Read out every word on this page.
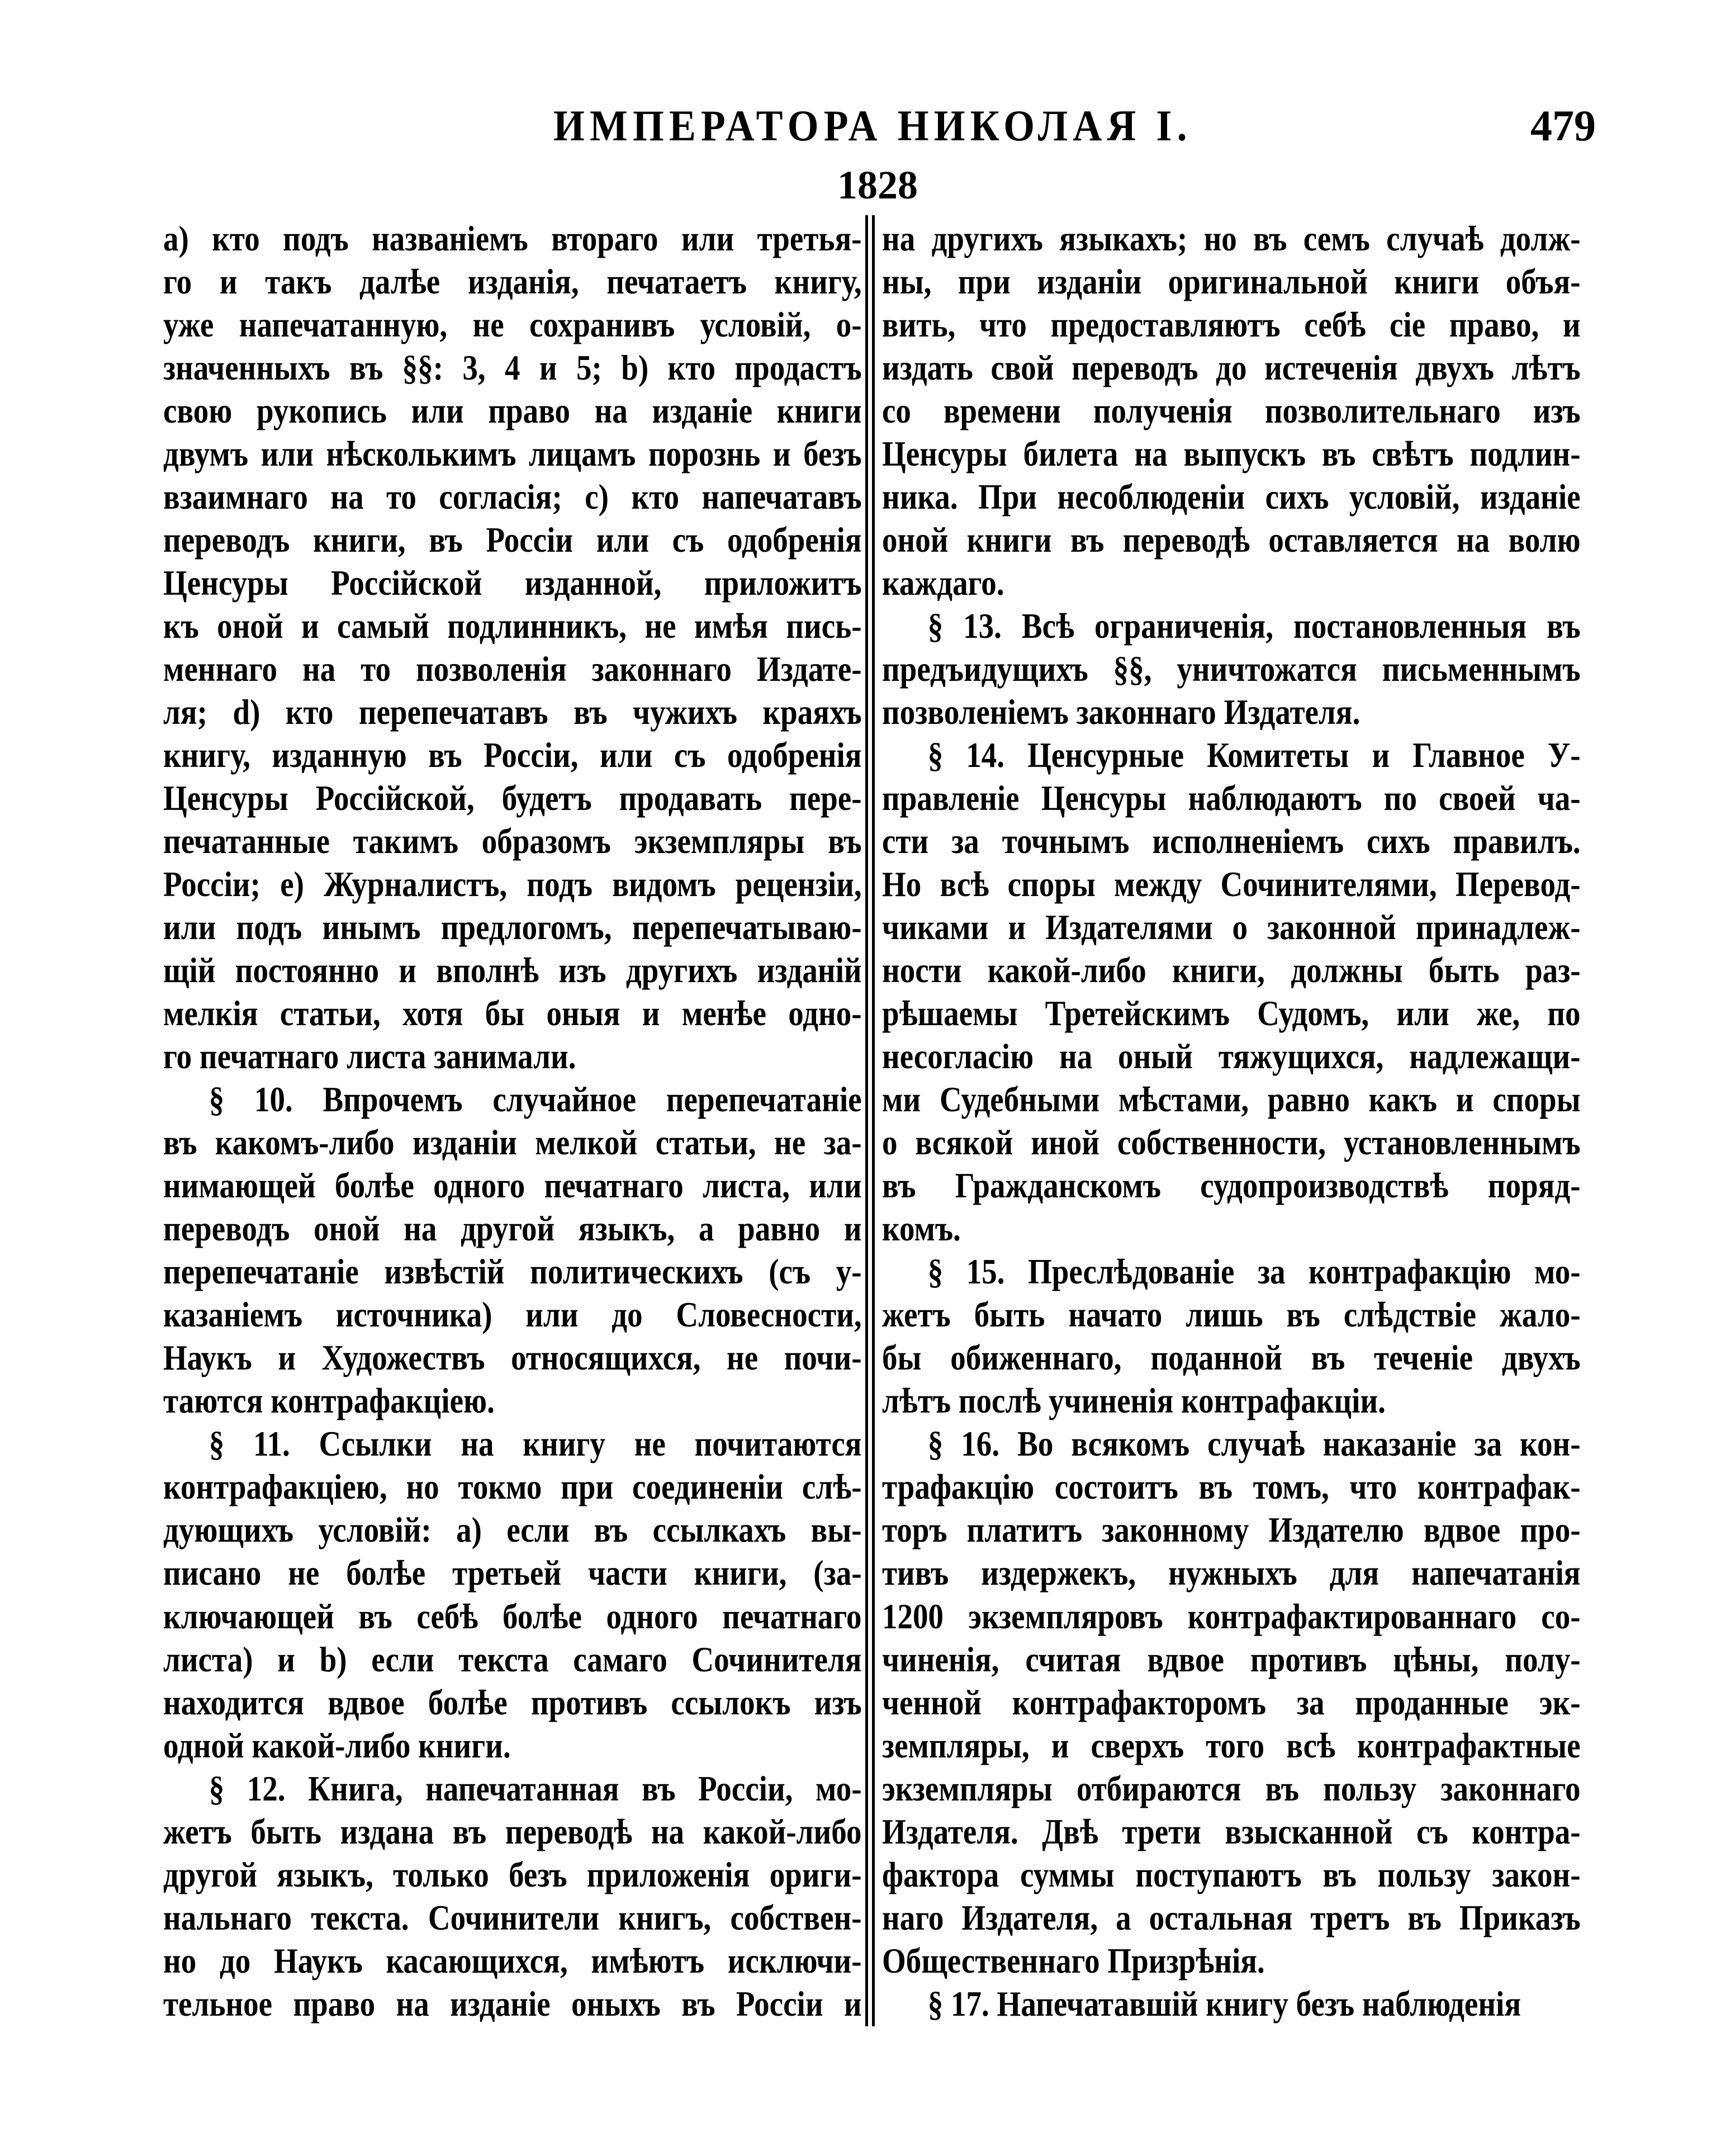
ИМПЕРАТОРА НИКОЛАЯ I.	479
1828
a) кто подъ названіемъ втораго или третья-
го и такъ далѣе изданія, печатаетъ книгу,
уже напечатанную, не сохранивъ условій, о-
значенныхъ въ §§: 3, 4 и 5; b) кто продастъ
свою рукопись или право на изданіе книги
двумъ или нѣсколькимъ лицамъ порознь и безъ
взаимнаго на то согласія; c) кто напечатавъ
переводъ книги, въ Россіи или съ одобренія
Ценсуры Россійской изданной, приложитъ
къ оной и самый подлинникъ, не имѣя пись-
меннаго на то позволенія законнаго Издате-
ля; d) кто перепечатавъ въ чужихъ краяхъ
книгу, изданную въ Россіи, или съ одобренія
Ценсуры Россійской, будетъ продавать пере-
печатанные такимъ образомъ экземпляры въ
Россіи; e) Журналистъ, подъ видомъ рецензіи,
или подъ инымъ предлогомъ, перепечатываю-
щій постоянно и вполнѣ изъ другихъ изданій
мелкія статьи, хотя бы оныя и менѣе одно-
го печатнаго листа занимали.
§ 10. Впрочемъ случайное перепечатаніе
въ какомъ-либо изданіи мелкой статьи, не за-
нимающей болѣе одного печатнаго листа, или
переводъ оной на другой языкъ, а равно и
перепечатаніе извѣстій политическихъ (съ у-
казаніемъ источника) или до Словесности,
Наукъ и Художествъ относящихся, не почи-
таются контрафакціею.
§ 11. Ссылки на книгу не почитаются
контрафакціею, но токмо при соединеніи слѣ-
дующихъ условій: a) если въ ссылкахъ вы-
писано не болѣе третьей части книги, (за-
ключающей въ себѣ болѣе одного печатнаго
листа) и b) если текста самаго Сочинителя
находится вдвое болѣе противъ ссылокъ изъ
одной какой-либо книги.
§ 12. Книга, напечатанная въ Россіи, мо-
жетъ быть издана въ переводѣ на какой-либо
другой языкъ, только безъ приложенія ориги-
нальнаго текста. Сочинители книгъ, собствен-
но до Наукъ касающихся, имѣютъ исключи-
тельное право на изданіе оныхъ въ Россіи и
на другихъ языкахъ; но въ семъ случаѣ долж-
ны, при изданіи оригинальной книги объя-
вить, что предоставляютъ себѣ сіе право, и
издать свой переводъ до истеченія двухъ лѣтъ
со времени полученія позволительнаго изъ
Ценсуры билета на выпускъ въ свѣтъ подлин-
ника. При несоблюденіи сихъ условій, изданіе
оной книги въ переводѣ оставляется на волю
каждаго.
§ 13. Всѣ ограниченія, постановленныя въ
предъидущихъ §§, уничтожатся письменнымъ
позволеніемъ законнаго Издателя.
§ 14. Ценсурные Комитеты и Главное У-
правленіе Ценсуры наблюдаютъ по своей ча-
сти за точнымъ исполненіемъ сихъ правилъ.
Но всѣ споры между Сочинителями, Перевод-
чиками и Издателями о законной принадлеж-
ности какой-либо книги, должны быть раз-
рѣшаемы Третейскимъ Судомъ, или же, по
несогласію на оный тяжущихся, надлежащи-
ми Судебными мѣстами, равно какъ и споры
о всякой иной собственности, установленнымъ
въ Гражданскомъ судопроизводствѣ поряд-
комъ.
§ 15. Преслѣдованіе за контрафакцію мо-
жетъ быть начато лишь въ слѣдствіе жало-
бы обиженнаго, поданной въ теченіе двухъ
лѣтъ послѣ учиненія контрафакціи.
§ 16. Во всякомъ случаѣ наказаніе за кон-
трафакцію состоитъ въ томъ, что контрафак-
торъ платитъ законному Издателю вдвое про-
тивъ издержекъ, нужныхъ для напечатанія
1200 экземпляровъ контрафактированнаго со-
чиненія, считая вдвое противъ цѣны, полу-
ченной контрафакторомъ за проданные эк-
земпляры, и сверхъ того всѣ контрафактные
экземпляры отбираются въ пользу законнаго
Издателя. Двѣ трети взысканной съ контра-
фактора суммы поступаютъ въ пользу закон-
наго Издателя, а остальная третъ въ Приказъ
Общественнаго Призрѣнія.
§ 17. Напечатавшій книгу безъ наблюденія
